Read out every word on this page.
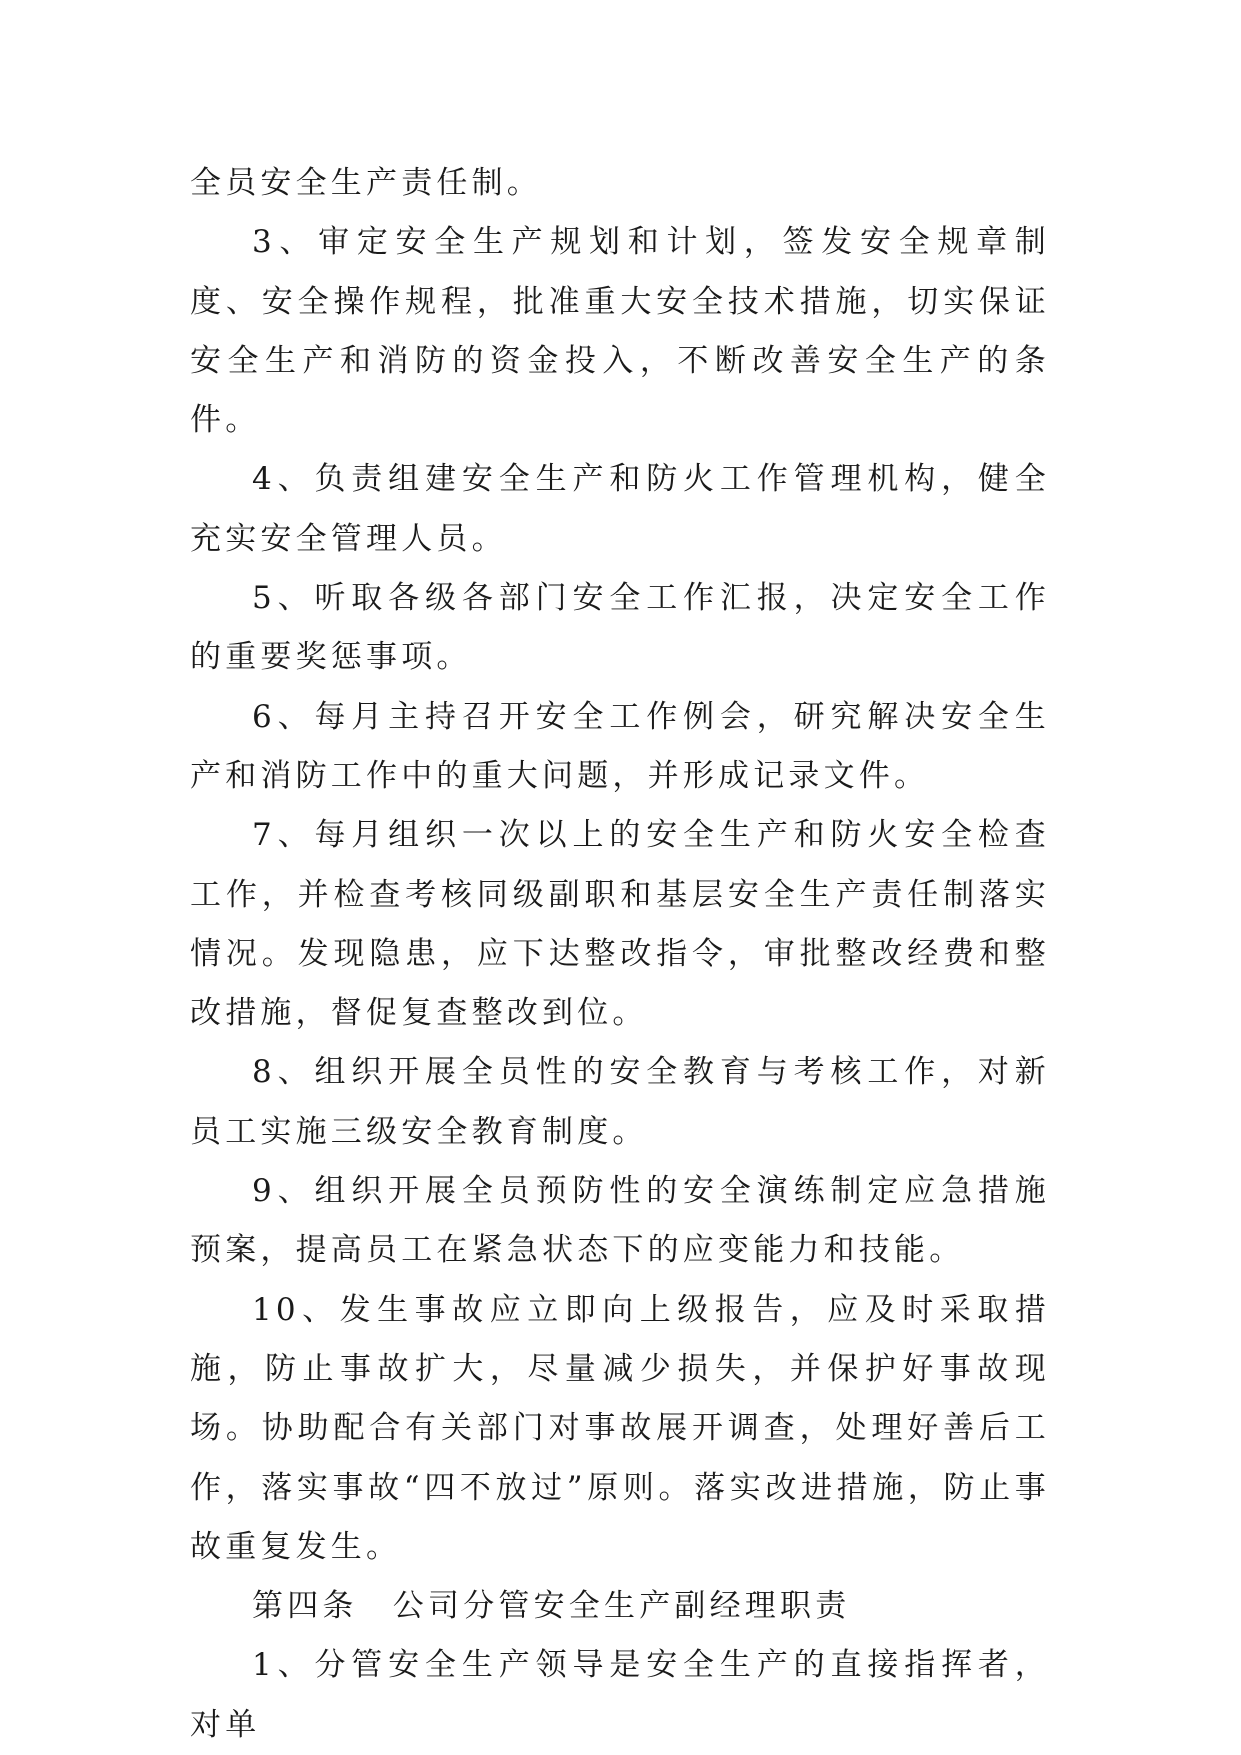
全员安全生产责任制。

3、审定安全生产规划和计划，签发安全规章制度、安全操作规程，批准重大安全技术措施，切实保证安全生产和消防的资金投入，不断改善安全生产的条件。

4、负责组建安全生产和防火工作管理机构，健全充实安全管理人员。

5、听取各级各部门安全工作汇报，决定安全工作的重要奖惩事项。

6、每月主持召开安全工作例会，研究解决安全生产和消防工作中的重大问题，并形成记录文件。

7、每月组织一次以上的安全生产和防火安全检查工作，并检查考核同级副职和基层安全生产责任制落实情况。发现隐患，应下达整改指令，审批整改经费和整改措施，督促复查整改到位。

8、组织开展全员性的安全教育与考核工作，对新员工实施三级安全教育制度。

9、组织开展全员预防性的安全演练制定应急措施预案，提高员工在紧急状态下的应变能力和技能。

10、发生事故应立即向上级报告，应及时采取措施，防止事故扩大，尽量减少损失，并保护好事故现场。协助配合有关部门对事故展开调查，处理好善后工作，落实事故“四不放过”原则。落实改进措施，防止事故重复发生。

第四条　公司分管安全生产副经理职责

1、分管安全生产领导是安全生产的直接指挥者，对单
